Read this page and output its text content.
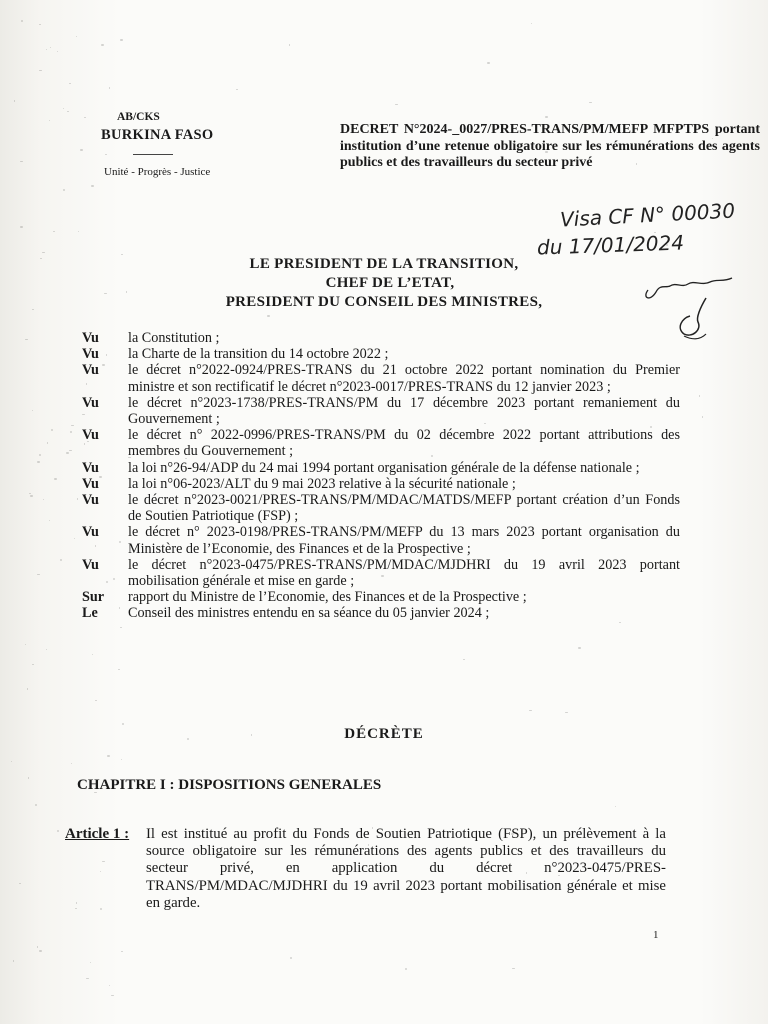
AB/CKS
BURKINA FASO
Unité - Progrès - Justice
DECRET N°2024-_0027/PRES-TRANS/PM/MEFP MFPTPS portant institution d’une retenue obligatoire sur les rémunérations des agents publics et des travailleurs du secteur privé
Visa CF N° 00030
du 17/01/2024
LE PRESIDENT DE LA TRANSITION,
CHEF DE L’ETAT,
PRESIDENT DU CONSEIL DES MINISTRES,
Vu	la Constitution ;
Vu	la Charte de la transition du 14 octobre 2022 ;
Vu	le décret n°2022-0924/PRES-TRANS du 21 octobre 2022 portant nomination du Premier ministre et son rectificatif le décret n°2023-0017/PRES-TRANS du 12 janvier 2023 ;
Vu	le décret n°2023-1738/PRES-TRANS/PM du 17 décembre 2023 portant remaniement du Gouvernement ;
Vu	le décret n° 2022-0996/PRES-TRANS/PM du 02 décembre 2022 portant attributions des membres du Gouvernement ;
Vu	la loi n°26-94/ADP du 24 mai 1994 portant organisation générale de la défense nationale ;
Vu	la loi n°06-2023/ALT du 9 mai 2023 relative à la sécurité nationale ;
Vu	le décret n°2023-0021/PRES-TRANS/PM/MDAC/MATDS/MEFP portant création d’un Fonds de Soutien Patriotique (FSP) ;
Vu	le décret n° 2023-0198/PRES-TRANS/PM/MEFP du 13 mars 2023 portant organisation du Ministère de l’Economie, des Finances et de la Prospective ;
Vu	le décret n°2023-0475/PRES-TRANS/PM/MDAC/MJDHRI du 19 avril 2023 portant mobilisation générale et mise en garde ;
Sur	rapport du Ministre de l’Economie, des Finances et de la Prospective ;
Le	Conseil des ministres entendu en sa séance du 05 janvier 2024 ;
DÉCRÈTE
CHAPITRE I : DISPOSITIONS GENERALES
Article 1 : Il est institué au profit du Fonds de Soutien Patriotique (FSP), un prélèvement à la source obligatoire sur les rémunérations des agents publics et des travailleurs du secteur privé, en application du décret n°2023-0475/PRES-TRANS/PM/MDAC/MJDHRI du 19 avril 2023 portant mobilisation générale et mise en garde.
1
